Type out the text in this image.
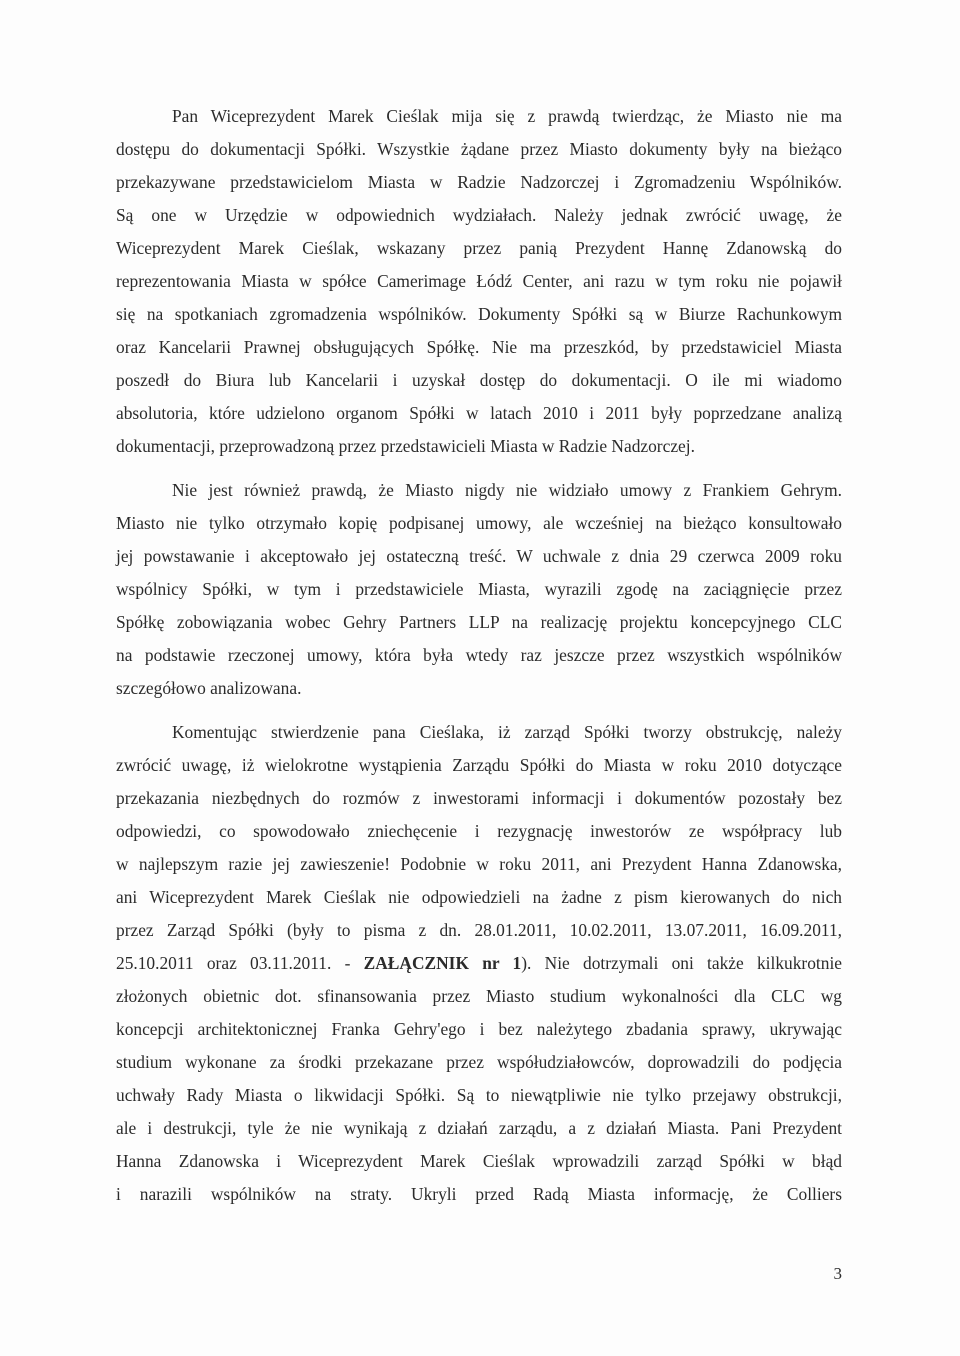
Pan Wiceprezydent Marek Cieślak mija się z prawdą twierdząc, że Miasto nie ma
dostępu do dokumentacji Spółki. Wszystkie żądane przez Miasto dokumenty były na bieżąco
przekazywane przedstawicielom Miasta w Radzie Nadzorczej i Zgromadzeniu Wspólników.
Są one w Urzędzie w odpowiednich wydziałach. Należy jednak zwrócić uwagę, że
Wiceprezydent Marek Cieślak, wskazany przez panią Prezydent Hannę Zdanowską do
reprezentowania Miasta w spółce Camerimage Łódź Center, ani razu w tym roku nie pojawił
się na spotkaniach zgromadzenia wspólników. Dokumenty Spółki są w Biurze Rachunkowym
oraz Kancelarii Prawnej obsługujących Spółkę. Nie ma przeszkód, by przedstawiciel Miasta
poszedł do Biura lub Kancelarii i uzyskał dostęp do dokumentacji. O ile mi wiadomo
absolutoria, które udzielono organom Spółki w latach 2010 i 2011 były poprzedzane analizą
dokumentacji, przeprowadzoną przez przedstawicieli Miasta w Radzie Nadzorczej.
Nie jest również prawdą, że Miasto nigdy nie widziało umowy z Frankiem Gehrym.
Miasto nie tylko otrzymało kopię podpisanej umowy, ale wcześniej na bieżąco konsultowało
jej powstawanie i akceptowało jej ostateczną treść. W uchwale z dnia 29 czerwca 2009 roku
wspólnicy Spółki, w tym i przedstawiciele Miasta, wyrazili zgodę na zaciągnięcie przez
Spółkę zobowiązania wobec Gehry Partners LLP na realizację projektu koncepcyjnego CLC
na podstawie rzeczonej umowy, która była wtedy raz jeszcze przez wszystkich wspólników
szczegółowo analizowana.
Komentując stwierdzenie pana Cieślaka, iż zarząd Spółki tworzy obstrukcję, należy
zwrócić uwagę, iż wielokrotne wystąpienia Zarządu Spółki do Miasta w roku 2010 dotyczące
przekazania niezbędnych do rozmów z inwestorami informacji i dokumentów pozostały bez
odpowiedzi, co spowodowało zniechęcenie i rezygnację inwestorów ze współpracy lub
w najlepszym razie jej zawieszenie! Podobnie w roku 2011, ani Prezydent Hanna Zdanowska,
ani Wiceprezydent Marek Cieślak nie odpowiedzieli na żadne z pism kierowanych do nich
przez Zarząd Spółki (były to pisma z dn. 28.01.2011, 10.02.2011, 13.07.2011, 16.09.2011,
25.10.2011 oraz 03.11.2011. - ZAŁĄCZNIK nr 1). Nie dotrzymali oni także kilkukrotnie
złożonych obietnic dot. sfinansowania przez Miasto studium wykonalności dla CLC wg
koncepcji architektonicznej Franka Gehry'ego i bez należytego zbadania sprawy, ukrywając
studium wykonane za środki przekazane przez współudziałowców, doprowadzili do podjęcia
uchwały Rady Miasta o likwidacji Spółki. Są to niewątpliwie nie tylko przejawy obstrukcji,
ale i destrukcji, tyle że nie wynikają z działań zarządu, a z działań Miasta. Pani Prezydent
Hanna Zdanowska i Wiceprezydent Marek Cieślak wprowadzili zarząd Spółki w błąd
i narazili wspólników na straty. Ukryli przed Radą Miasta informację, że Colliers
3
